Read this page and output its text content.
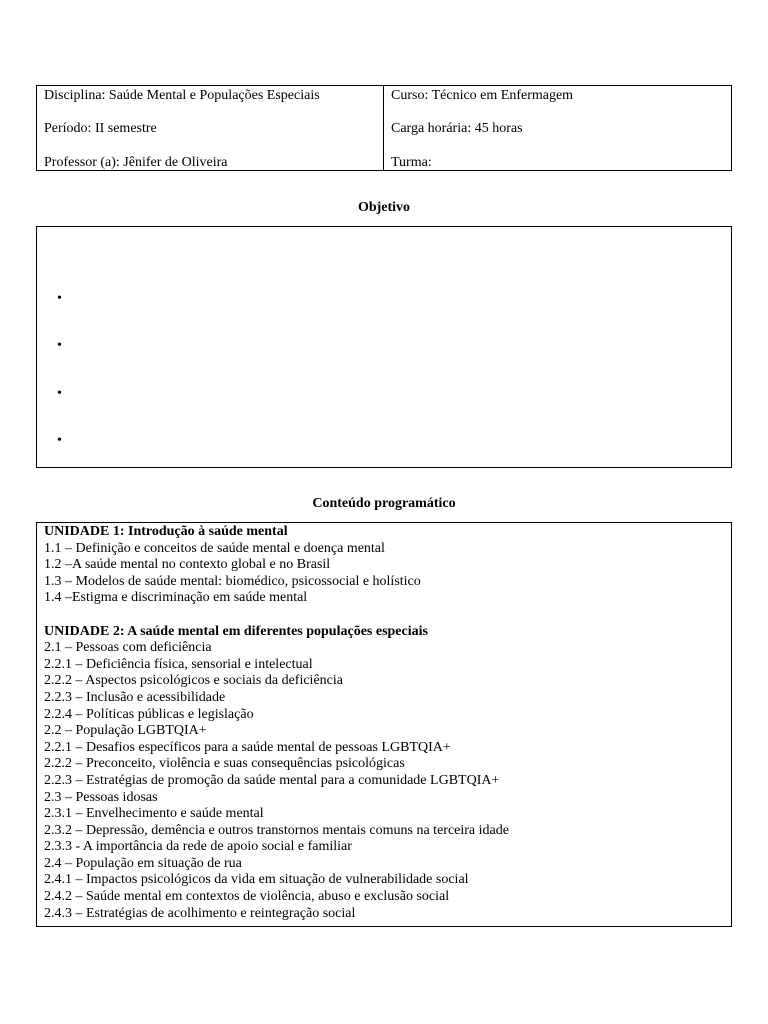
Disciplina: Saúde Mental e Populações Especiais
Período: II semestre
Professor (a): Jênifer de Oliveira
Curso: Técnico em Enfermagem
Carga horária: 45 horas
Turma:
Objetivo
•
•
•
•
Conteúdo programático
UNIDADE 1: Introdução à saúde mental
1.1 – Definição e conceitos de saúde mental e doença mental
1.2 –A saúde mental no contexto global e no Brasil
1.3 – Modelos de saúde mental: biomédico, psicossocial e holístico
1.4 –Estigma e discriminação em saúde mental
UNIDADE 2: A saúde mental em diferentes populações especiais
2.1 – Pessoas com deficiência
2.2.1 – Deficiência física, sensorial e intelectual
2.2.2 – Aspectos psicológicos e sociais da deficiência
2.2.3 – Inclusão e acessibilidade
2.2.4 – Políticas públicas e legislação
2.2 – População LGBTQIA+
2.2.1 – Desafios específicos para a saúde mental de pessoas LGBTQIA+
2.2.2 – Preconceito, violência e suas consequências psicológicas
2.2.3 – Estratégias de promoção da saúde mental para a comunidade LGBTQIA+
2.3 – Pessoas idosas
2.3.1 – Envelhecimento e saúde mental
2.3.2 – Depressão, demência e outros transtornos mentais comuns na terceira idade
2.3.3 - A importância da rede de apoio social e familiar
2.4 – População em situação de rua
2.4.1 – Impactos psicológicos da vida em situação de vulnerabilidade social
2.4.2 – Saúde mental em contextos de violência, abuso e exclusão social
2.4.3 – Estratégias de acolhimento e reintegração social
